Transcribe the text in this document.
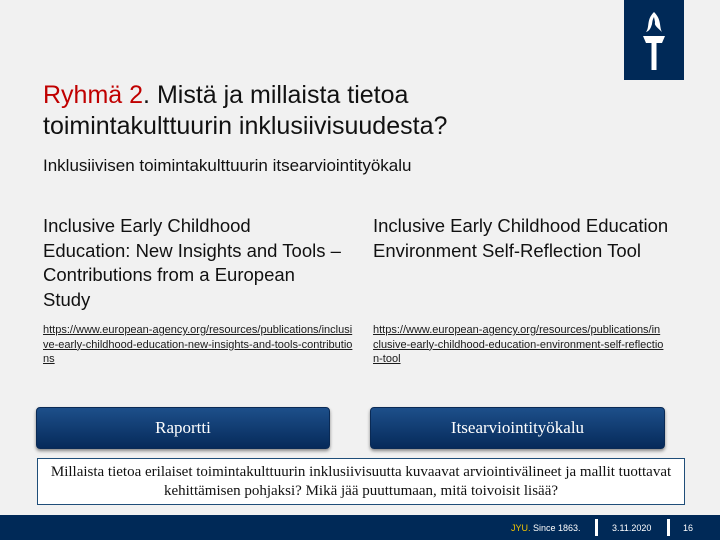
Ryhmä 2. Mistä ja millaista tietoa toimintakulttuurin inklusiivisuudesta?
Inklusiivisen toimintakulttuurin itsearviointityökalu
Inclusive Early Childhood Education: New Insights and Tools – Contributions from a European Study
Inclusive Early Childhood Education Environment Self-Reflection Tool
https://www.european-agency.org/resources/publications/inclusive-early-childhood-education-new-insights-and-tools-contributions
https://www.european-agency.org/resources/publications/inclusive-early-childhood-education-environment-self-reflection-tool
Raportti	Itsearviointityökalu
Millaista tietoa erilaiset toimintakulttuurin inklusiivisuutta kuvaavat arviointivälineet ja mallit tuottavat kehittämisen pohjaksi? Mikä jää puuttumaan, mitä toivoisit lisää?
JYU. Since 1863.	3.11.2020	16
